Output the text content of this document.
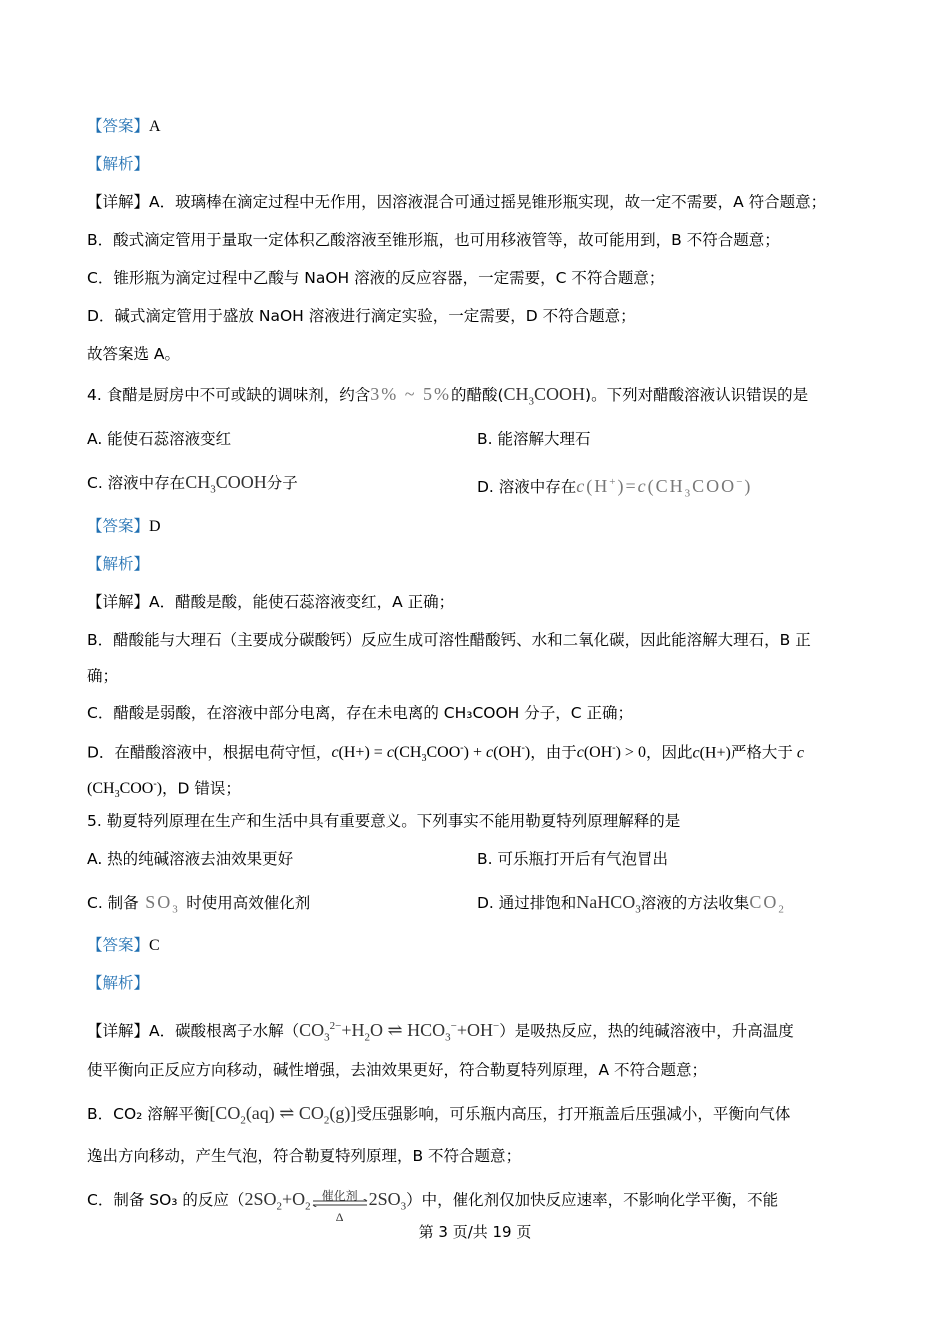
【答案】A
【解析】
【详解】A．玻璃棒在滴定过程中无作用，因溶液混合可通过摇晃锥形瓶实现，故一定不需要，A 符合题意；
B．酸式滴定管用于量取一定体积乙酸溶液至锥形瓶，也可用移液管等，故可能用到，B 不符合题意；
C．锥形瓶为滴定过程中乙酸与 NaOH 溶液的反应容器，一定需要，C 不符合题意；
D．碱式滴定管用于盛放 NaOH 溶液进行滴定实验，一定需要，D 不符合题意；
故答案选 A。
4. 食醋是厨房中不可或缺的调味剂，约含3% ~ 5%的醋酸$(CH_3COOH)$。下列对醋酸溶液认识错误的是
A. 能使石蕊溶液变红	B. 能溶解大理石
C. 溶液中存在$CH_3COOH$分子	D. 溶液中存在$c(H^+)=c(CH_3COO^-)$
【答案】D
【解析】
【详解】A．醋酸是酸，能使石蕊溶液变红，A 正确；
B．醋酸能与大理石（主要成分碳酸钙）反应生成可溶性醋酸钙、水和二氧化碳，因此能溶解大理石，B 正
确；
C．醋酸是弱酸，在溶液中部分电离，存在未电离的 CH₃COOH 分子，C 正确；
D．在醋酸溶液中，根据电荷守恒，$c(H+) = c(CH_3COO^-) + c(OH^-)$，由于c(OH-) > 0，因此c(H+)严格大于 c
$(CH_3COO^-)$，D 错误；
5. 勒夏特列原理在生产和生活中具有重要意义。下列事实不能用勒夏特列原理解释的是
A. 热的纯碱溶液去油效果更好	B. 可乐瓶打开后有气泡冒出
C. 制备 $SO_3$ 时使用高效催化剂	D. 通过排饱和NaHCO$_3$溶液的方法收集$CO_2$
【答案】C
【解析】
【详解】A．碳酸根离子水解（$CO_3^{2-}+H_2O$ ⇌ $HCO_3^-+OH^-$）是吸热反应，热的纯碱溶液中，升高温度
使平衡向正反应方向移动，碱性增强，去油效果更好，符合勒夏特列原理，A 不符合题意；
B．CO₂ 溶解平衡[$CO_2(aq)$ ⇌ $CO_2(g)$]受压强影响，可乐瓶内高压，打开瓶盖后压强减小，平衡向气体
逸出方向移动，产生气泡，符合勒夏特列原理，B 不符合题意；
C．制备 SO₃ 的反应（$2SO_2+O_2$
催化剂
Δ
$2SO_3$）中，催化剂仅加快反应速率，不影响化学平衡，不能
第 3 页/共 19 页
